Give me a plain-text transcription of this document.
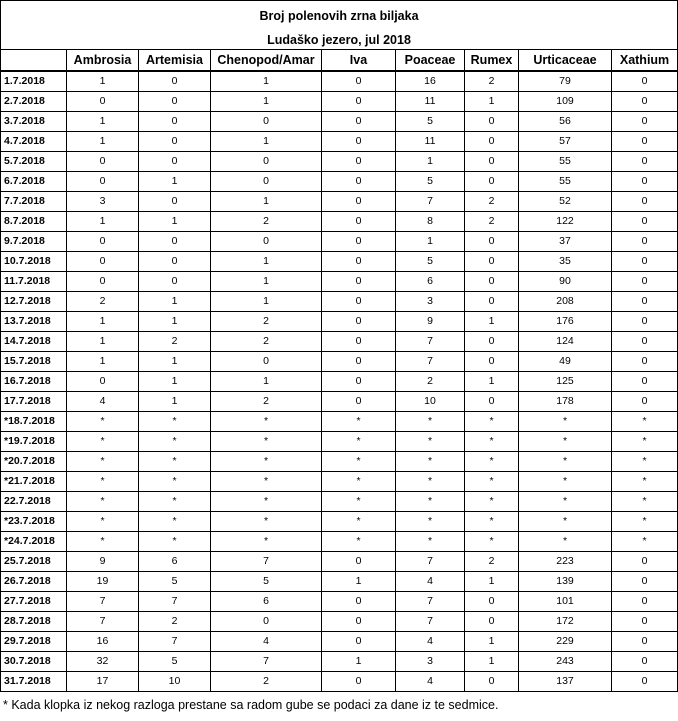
Broj polenovih zrna biljaka								
Ludaško jezero, jul 2018								
	Ambrosia	Artemisia	Chenopod/Amar	Iva	Poaceae	Rumex	Urticaceae	Xathium
1.7.2018	1	0	1	0	16	2	79	0
2.7.2018	0	0	1	0	11	1	109	0
3.7.2018	1	0	0	0	5	0	56	0
4.7.2018	1	0	1	0	11	0	57	0
5.7.2018	0	0	0	0	1	0	55	0
6.7.2018	0	1	0	0	5	0	55	0
7.7.2018	3	0	1	0	7	2	52	0
8.7.2018	1	1	2	0	8	2	122	0
9.7.2018	0	0	0	0	1	0	37	0
10.7.2018	0	0	1	0	5	0	35	0
11.7.2018	0	0	1	0	6	0	90	0
12.7.2018	2	1	1	0	3	0	208	0
13.7.2018	1	1	2	0	9	1	176	0
14.7.2018	1	2	2	0	7	0	124	0
15.7.2018	1	1	0	0	7	0	49	0
16.7.2018	0	1	1	0	2	1	125	0
17.7.2018	4	1	2	0	10	0	178	0
*18.7.2018	*	*	*	*	*	*	*	*
*19.7.2018	*	*	*	*	*	*	*	*
*20.7.2018	*	*	*	*	*	*	*	*
*21.7.2018	*	*	*	*	*	*	*	*
22.7.2018	*	*	*	*	*	*	*	*
*23.7.2018	*	*	*	*	*	*	*	*
*24.7.2018	*	*	*	*	*	*	*	*
25.7.2018	9	6	7	0	7	2	223	0
26.7.2018	19	5	5	1	4	1	139	0
27.7.2018	7	7	6	0	7	0	101	0
28.7.2018	7	2	0	0	7	0	172	0
29.7.2018	16	7	4	0	4	1	229	0
30.7.2018	32	5	7	1	3	1	243	0
31.7.2018	17	10	2	0	4	0	137	0
* Kada klopka iz nekog razloga prestane sa radom gube se podaci za dane iz te sedmice.
